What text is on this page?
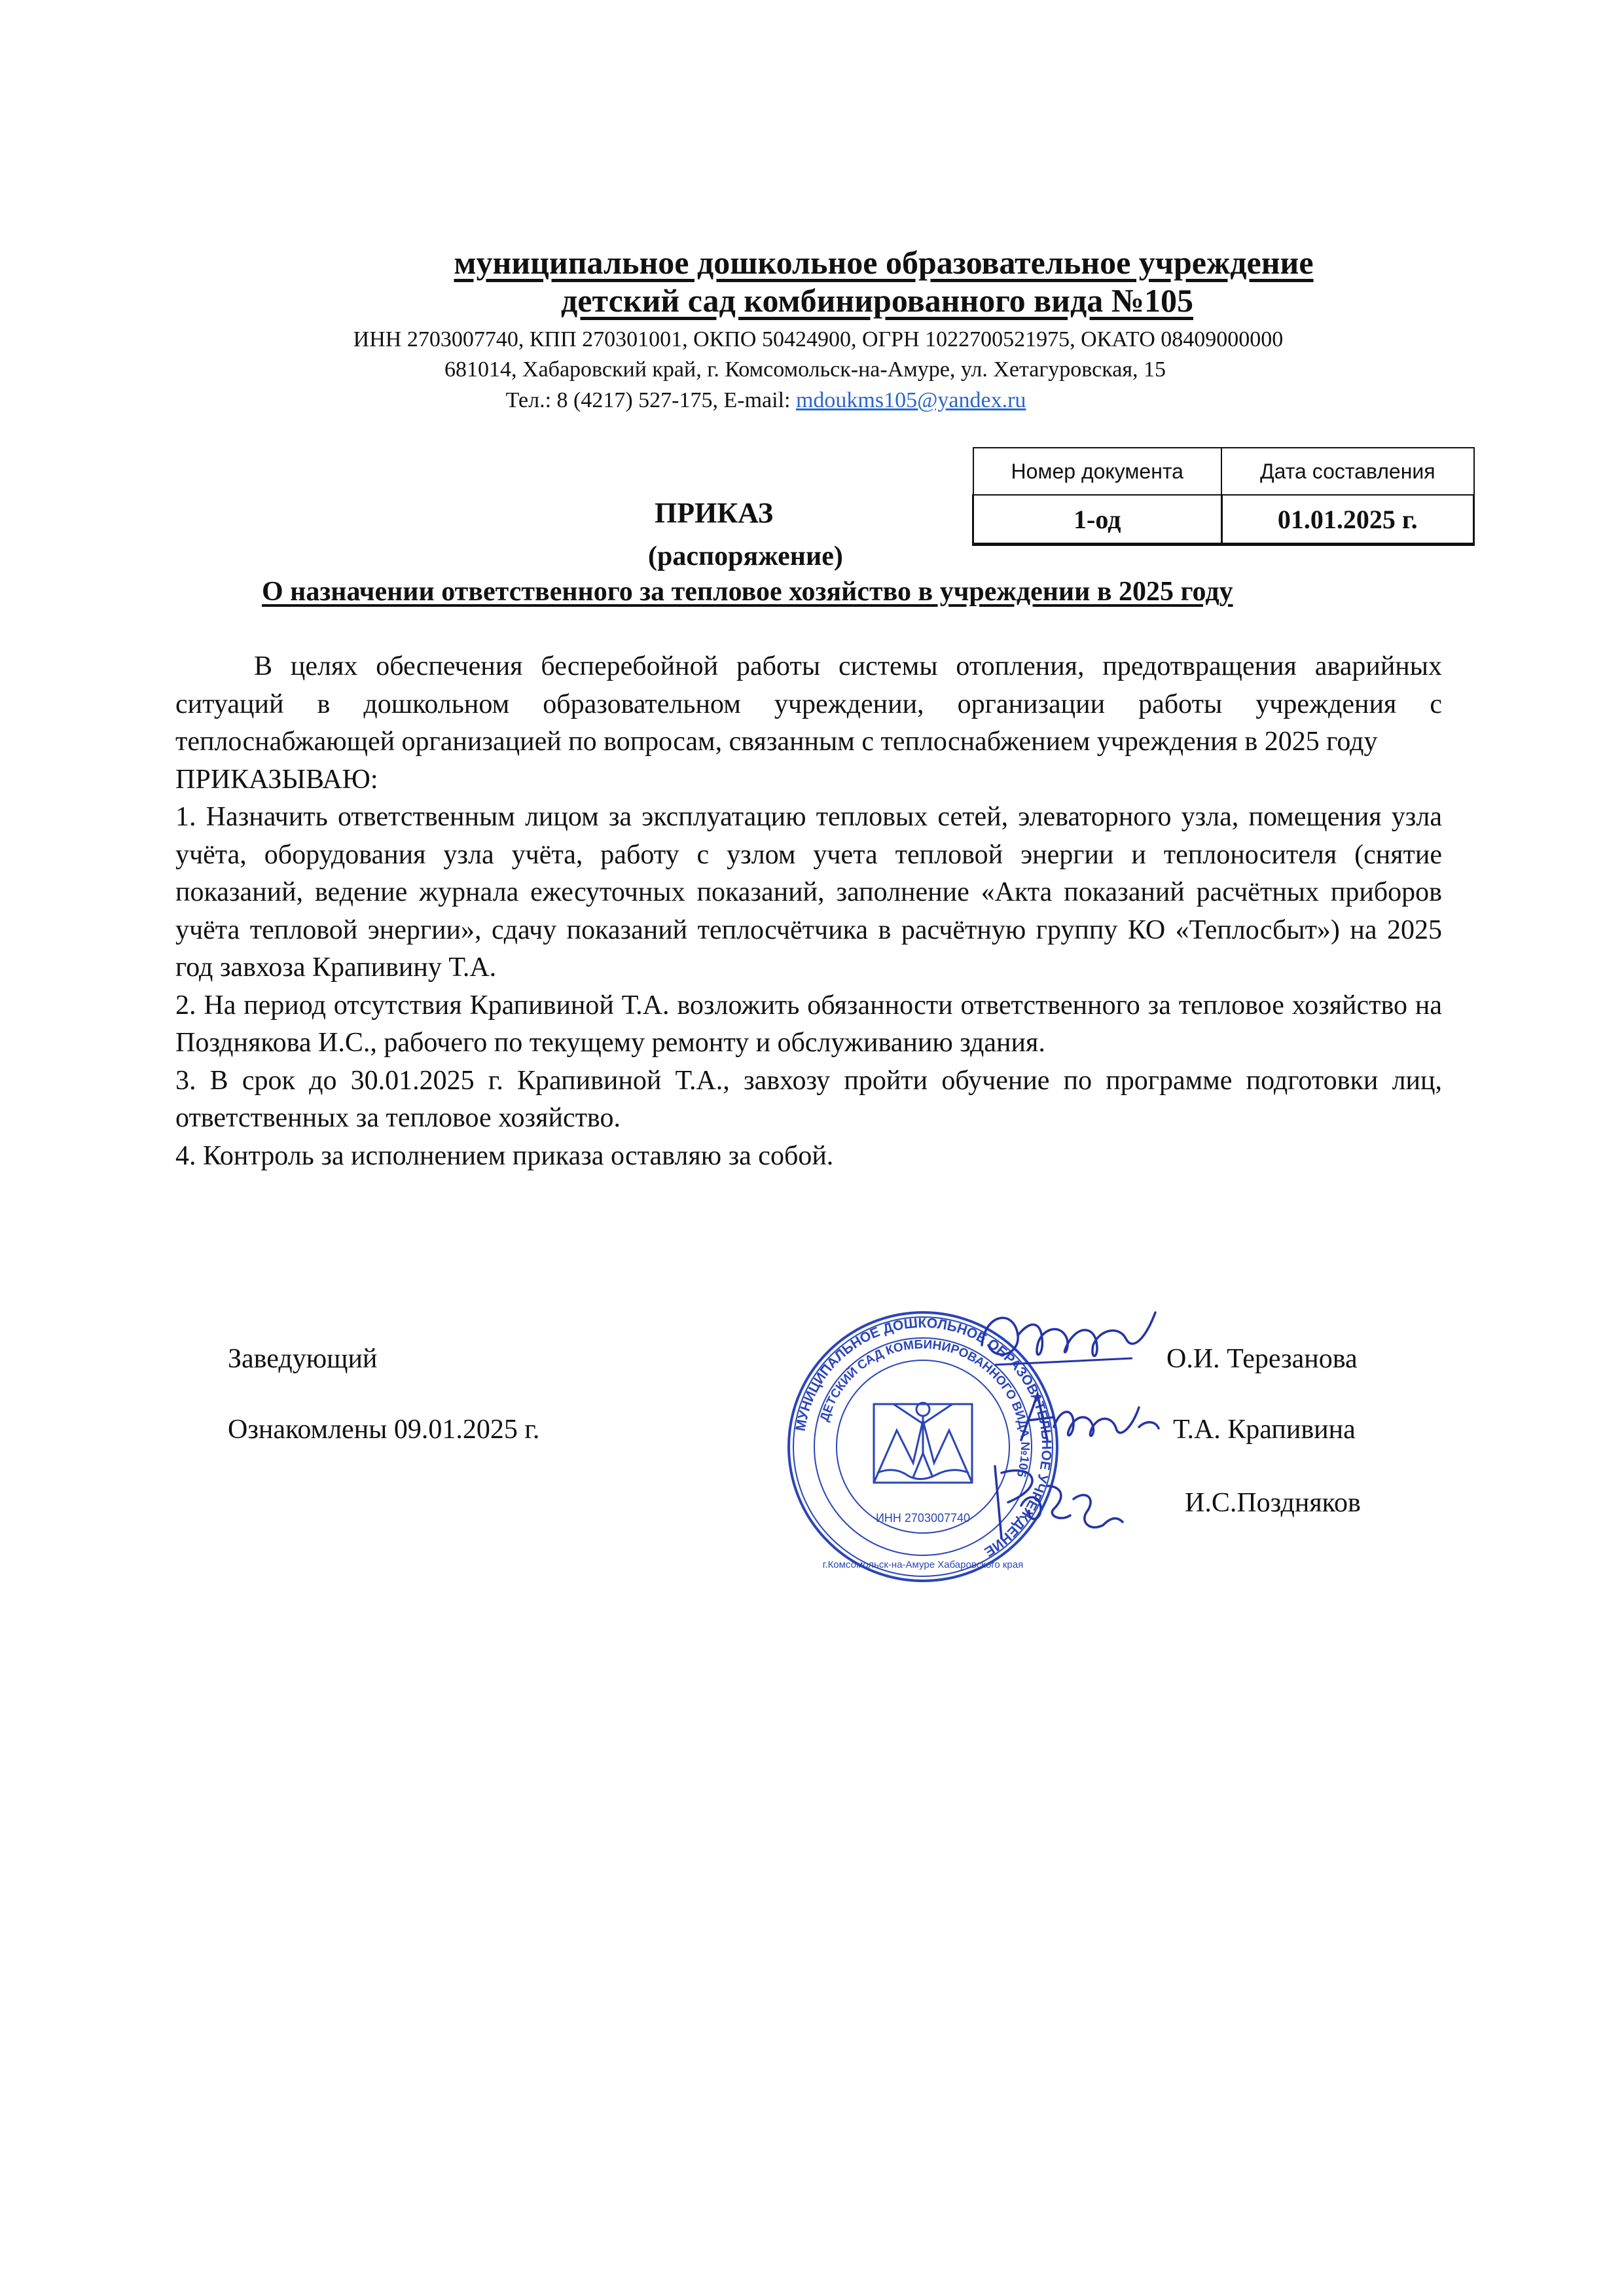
муниципальное дошкольное образовательное учреждение
детский сад комбинированного вида №105
ИНН 2703007740, КПП 270301001, ОКПО 50424900, ОГРН 1022700521975, ОКАТО 08409000000
681014, Хабаровский край, г. Комсомольск-на-Амуре, ул. Хетагуровская, 15
Тел.: 8 (4217) 527-175, E-mail: mdoukms105@yandex.ru
Номер документа	Дата составления
1-од	01.01.2025 г.
ПРИКАЗ
(распоряжение)
О назначении ответственного за тепловое хозяйство в учреждении в 2025 году

В целях обеспечения бесперебойной работы системы отопления, предотвращения аварийных ситуаций в дошкольном образовательном учреждении, организации работы учреждения с теплоснабжающей организацией по вопросам, связанным с теплоснабжением учреждения в 2025 году

ПРИКАЗЫВАЮ:

1. Назначить ответственным лицом за эксплуатацию тепловых сетей, элеваторного узла, помещения узла учёта, оборудования узла учёта, работу с узлом учета тепловой энергии и теплоносителя (снятие показаний, ведение журнала ежесуточных показаний, заполнение «Акта показаний расчётных приборов учёта тепловой энергии», сдачу показаний теплосчётчика в расчётную группу КО «Теплосбыт») на 2025 год завхоза Крапивину Т.А.

2. На период отсутствия Крапивиной Т.А. возложить обязанности ответственного за тепловое хозяйство на Позднякова И.С., рабочего по текущему ремонту и обслуживанию здания.

3. В срок до 30.01.2025 г. Крапивиной Т.А., завхозу пройти обучение по программе подготовки лиц, ответственных за тепловое хозяйство.

4. Контроль за исполнением приказа оставляю за собой.

Заведующий	О.И. Терезанова
Ознакомлены 09.01.2025 г.	Т.А. Крапивина
И.С.Поздняков
МУНИЦИПАЛЬНОЕ ДОШКОЛЬНОЕ ОБРАЗОВАТЕЛЬНОЕ УЧРЕЖДЕНИЕ
ДЕТСКИЙ САД КОМБИНИРОВАННОГО ВИДА №105
ИНН 2703007740
г.Комсомольск-на-Амуре Хабаровского края
